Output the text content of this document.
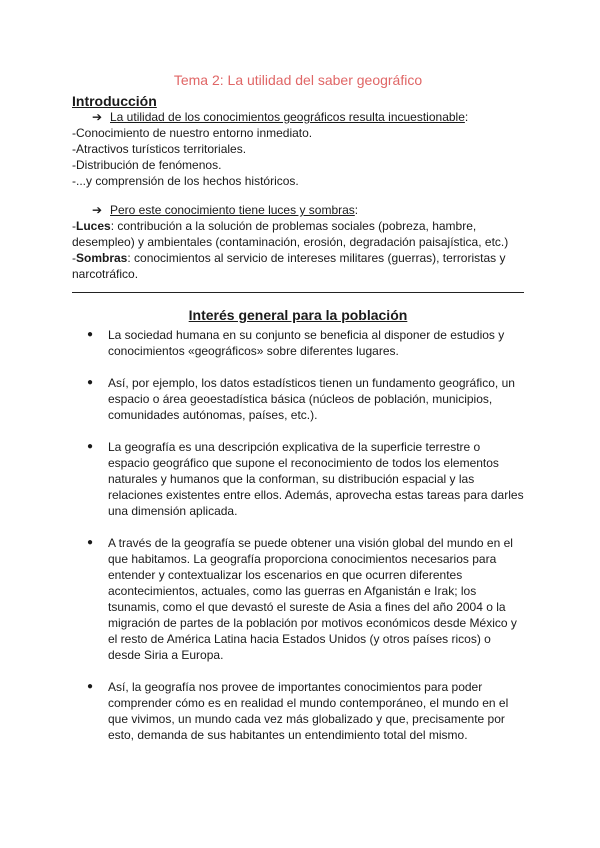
Tema 2: La utilidad del saber geográfico

Introducción

➔ La utilidad de los conocimientos geográficos resulta incuestionable:

-Conocimiento de nuestro entorno inmediato.

-Atractivos turísticos territoriales.

-Distribución de fenómenos.

-...y comprensión de los hechos históricos.

➔ Pero este conocimiento tiene luces y sombras:

-Luces: contribución a la solución de problemas sociales (pobreza, hambre, desempleo) y ambientales (contaminación, erosión, degradación paisajística, etc.)

-Sombras: conocimientos al servicio de intereses militares (guerras), terroristas y narcotráfico.

Interés general para la población

● La sociedad humana en su conjunto se beneficia al disponer de estudios y conocimientos «geográficos» sobre diferentes lugares.
● Así, por ejemplo, los datos estadísticos tienen un fundamento geográfico, un espacio o área geoestadística básica (núcleos de población, municipios, comunidades autónomas, países, etc.).
● La geografía es una descripción explicativa de la superficie terrestre o espacio geográfico que supone el reconocimiento de todos los elementos naturales y humanos que la conforman, su distribución espacial y las relaciones existentes entre ellos. Además, aprovecha estas tareas para darles una dimensión aplicada.
● A través de la geografía se puede obtener una visión global del mundo en el que habitamos. La geografía proporciona conocimientos necesarios para entender y contextualizar los escenarios en que ocurren diferentes acontecimientos, actuales, como las guerras en Afganistán e Irak; los tsunamis, como el que devastó el sureste de Asia a fines del año 2004 o la migración de partes de la población por motivos económicos desde México y el resto de América Latina hacia Estados Unidos (y otros países ricos) o desde Siria a Europa.
● Así, la geografía nos provee de importantes conocimientos para poder comprender cómo es en realidad el mundo contemporáneo, el mundo en el que vivimos, un mundo cada vez más globalizado y que, precisamente por esto, demanda de sus habitantes un entendimiento total del mismo.
